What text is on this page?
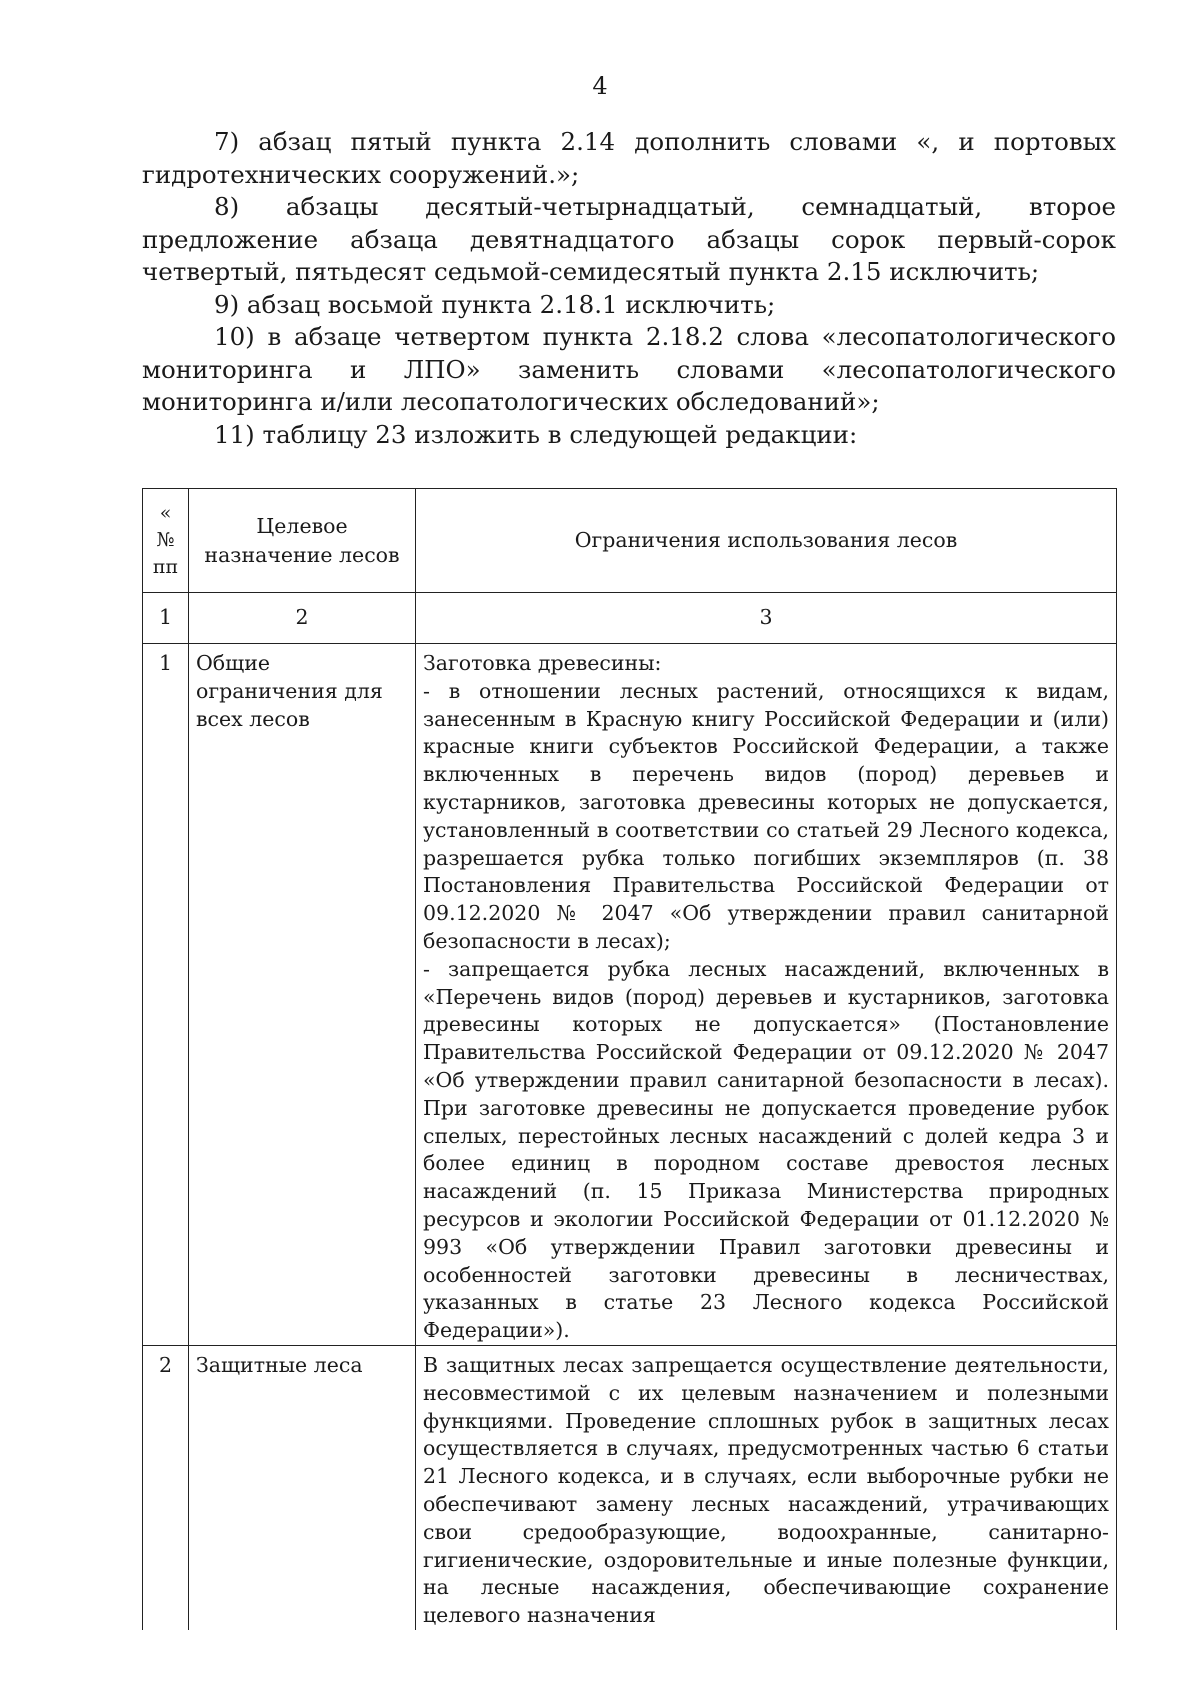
4

7) абзац пятый пункта 2.14 дополнить словами «, и портовых гидротехнических сооружений.»;

8) абзацы десятый-четырнадцатый, семнадцатый, второе предложение абзаца девятнадцатого абзацы сорок первый-сорок четвертый, пятьдесят седьмой-семидесятый пункта 2.15 исключить;

9) абзац восьмой пункта 2.18.1 исключить;

10) в абзаце четвертом пункта 2.18.2 слова «лесопатологического мониторинга и ЛПО» заменить словами «лесопатологического мониторинга и/или лесопатологических обследований»;

11) таблицу 23 изложить в следующей редакции:

«
№
пп	Целевое назначение лесов	Ограничения использования лесов
1	2	3
1	Общие ограничения для всех лесов	Заготовка древесины:

- в отношении лесных растений, относящихся к видам, занесенным в Красную книгу Российской Федерации и (или) красные книги субъектов Российской Федерации, а также включенных в перечень видов (пород) деревьев и кустарников, заготовка древесины которых не допускается, установленный в соответствии со статьей 29 Лесного кодекса, разрешается рубка только погибших экземпляров (п. 38 Постановления Правительства Российской Федерации от 09.12.2020 № 2047 «Об утверждении правил санитарной безопасности в лесах);

- запрещается рубка лесных насаждений, включенных в «Перечень видов (пород) деревьев и кустарников, заготовка древесины которых не допускается» (Постановление Правительства Российской Федерации от 09.12.2020 № 2047 «Об утверждении правил санитарной безопасности в лесах). При заготовке древесины не допускается проведение рубок спелых, перестойных лесных насаждений с долей кедра 3 и более единиц в породном составе древостоя лесных насаждений (п. 15 Приказа Министерства природных ресурсов и экологии Российской Федерации от 01.12.2020 № 993 «Об утверждении Правил заготовки древесины и особенностей заготовки древесины в лесничествах, указанных в статье 23 Лесного кодекса Российской Федерации»).

2	Защитные леса	В защитных лесах запрещается осуществление деятельности, несовместимой с их целевым назначением и полезными функциями. Проведение сплошных рубок в защитных лесах осуществляется в случаях, предусмотренных частью 6 статьи 21 Лесного кодекса, и в случаях, если выборочные рубки не обеспечивают замену лесных насаждений, утрачивающих свои средообразующие, водоохранные, санитарно-гигиенические, оздоровительные и иные полезные функции, на лесные насаждения, обеспечивающие сохранение целевого назначения
